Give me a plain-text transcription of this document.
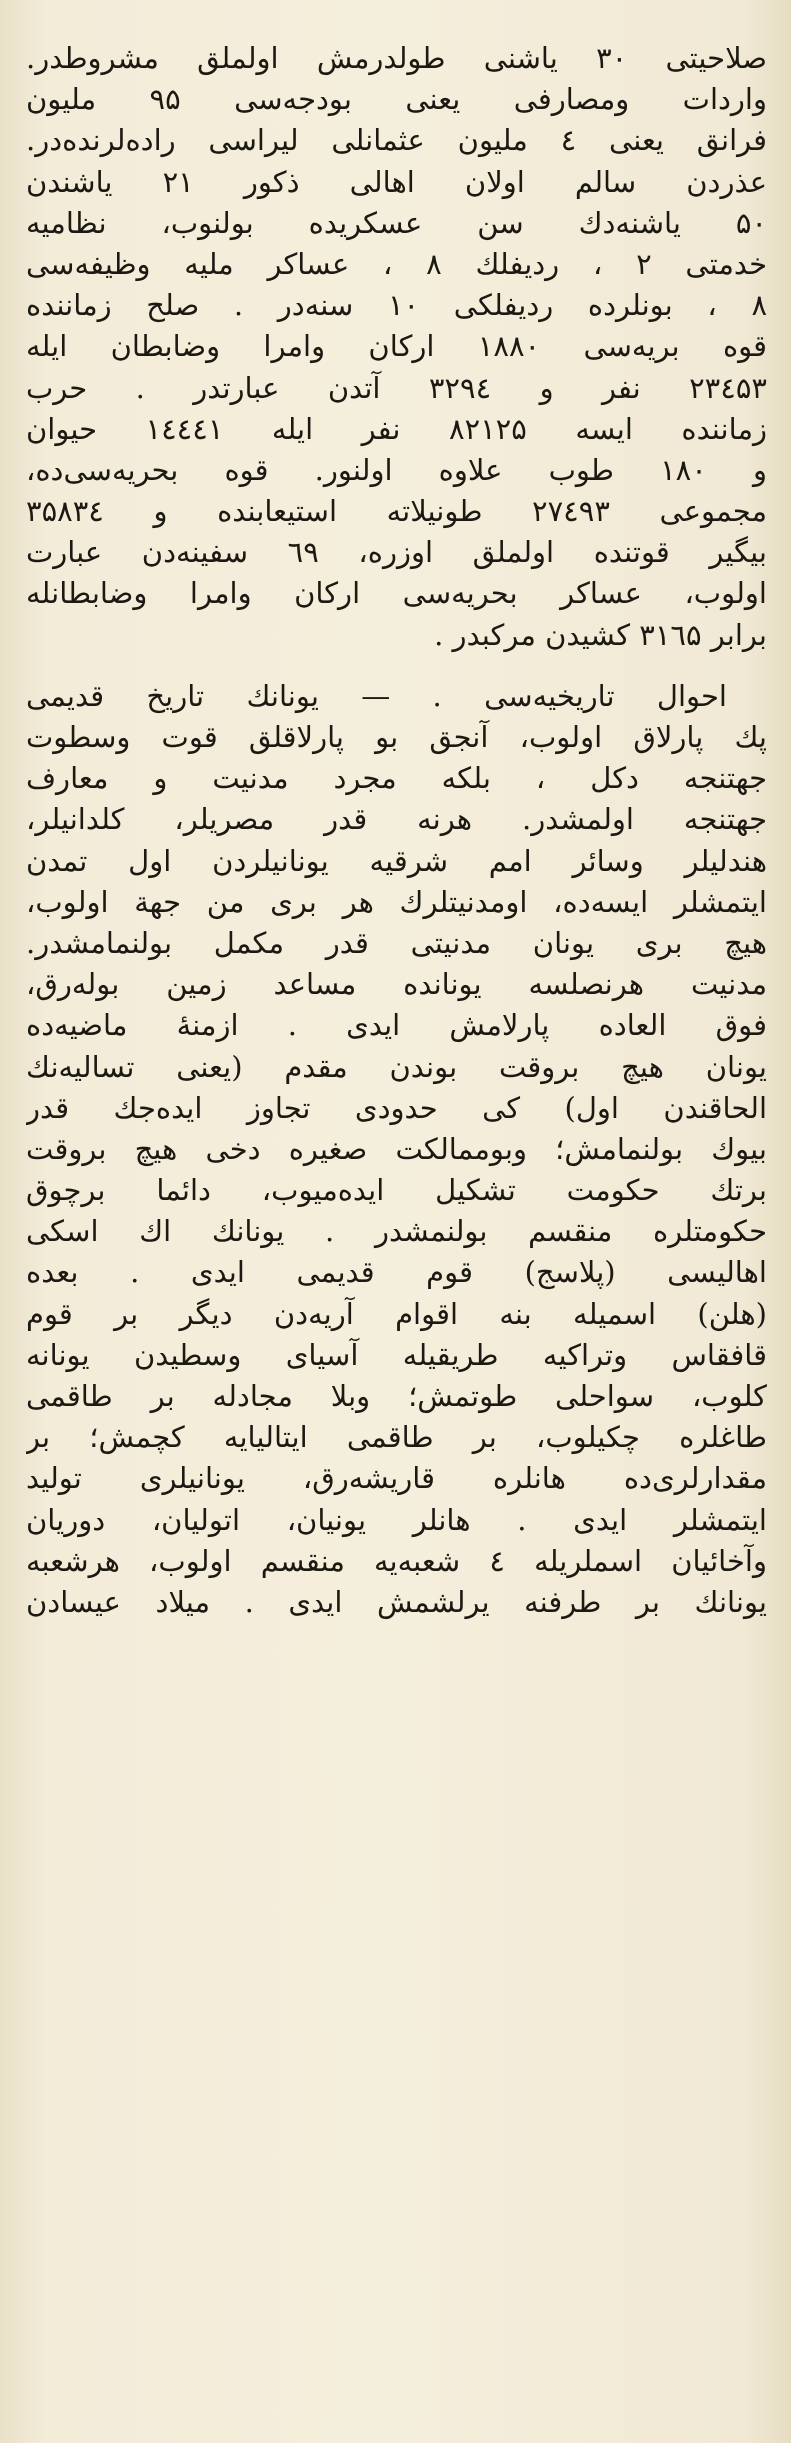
صلاحیتی ۳۰ یاشنی طولدرمش اولملق مشروطدر.
واردات ومصارفی یعنی بودجه‌سی ۹۵ ملیون
فرانق یعنی ٤ ملیون عثمانلی لیراسی راده‌لرنده‌در.
عذردن سالم اولان اهالی ذکور ۲۱ یاشندن
۵۰ یاشنه‌دك سن عسکریده بولنوب، نظامیه
خدمتی ۲ ، ردیفلك ۸ ، عساکر ملیه وظیفه‌سی
۸ ، بونلرده ردیفلکی ۱۰ سنه‌در . صلح زماننده
قوه بریه‌سی ۱۸۸۰ ارکان وامرا وضابطان ایله
۲۳٤۵۳ نفر و ۳۲۹٤ آتدن عبارتدر . حرب
زماننده ایسه ۸۲۱۲۵ نفر ایله ۱٤٤٤۱ حیوان
و ۱۸۰ طوب علاوه اولنور. قوه بحریه‌سی‌ده،
مجموعی ۲۷٤۹۳ طونیلاته استیعابنده و ۳۵۸۳٤
بیگیر قوتنده اولملق اوزره، ٦۹ سفینه‌دن عبارت
اولوب، عساکر بحریه‌سی ارکان وامرا وضابطانله
برابر ۳۱٦۵ کشیدن مرکبدر .
احوال تاریخیه‌سی . — یونانك تاریخ قدیمی
پك پارلاق اولوب، آنجق بو پارلاقلق قوت وسطوت
جهتنجه دکل ، بلکه مجرد مدنیت و معارف
جهتنجه اولمشدر. هرنه قدر مصریلر، کلدانیلر،
هندلیلر وسائر امم شرقیه یونانیلردن اول تمدن
ایتمشلر ایسه‌ده، اومدنیتلرك هر بری من جهة اولوب،
هیچ بری یونان مدنیتی قدر مکمل بولنمامشدر.
مدنیت هرنصلسه یونانده مساعد زمین بوله‌رق،
فوق العاده پارلامش ایدی . ازمنهٔ ماضیه‌ده
یونان هیچ بروقت بوندن مقدم (یعنی تسالیه‌نك
الحاقندن اول) کی حدودی تجاوز ایده‌جك قدر
بیوك بولنمامش؛ وبوممالکت صغیره دخی هیچ بروقت
برتك حکومت تشکیل ایده‌میوب، دائما برچوق
حکومتلره منقسم بولنمشدر . یونانك اك اسکی
اهالیسی (پلاسج) قوم قدیمی ایدی . بعده
(هلن) اسمیله بنه اقوام آریه‌دن دیگر بر قوم
قافقاس وتراکیه طریقیله آسیای وسطیدن یونانه
کلوب، سواحلی طوتمش؛ وبلا مجادله بر طاقمی
طاغلره چکیلوب، بر طاقمی ایتالیایه کچمش؛ بر
مقدارلری‌ده هانلره قاریشه‌رق، یونانیلری تولید
ایتمشلر ایدی . هانلر یونیان، اتولیان، دوریان
وآخائیان اسملریله ٤ شعبه‌یه منقسم اولوب، هرشعبه
یونانك بر طرفنه یرلشمش ایدی . میلاد عیسادن
